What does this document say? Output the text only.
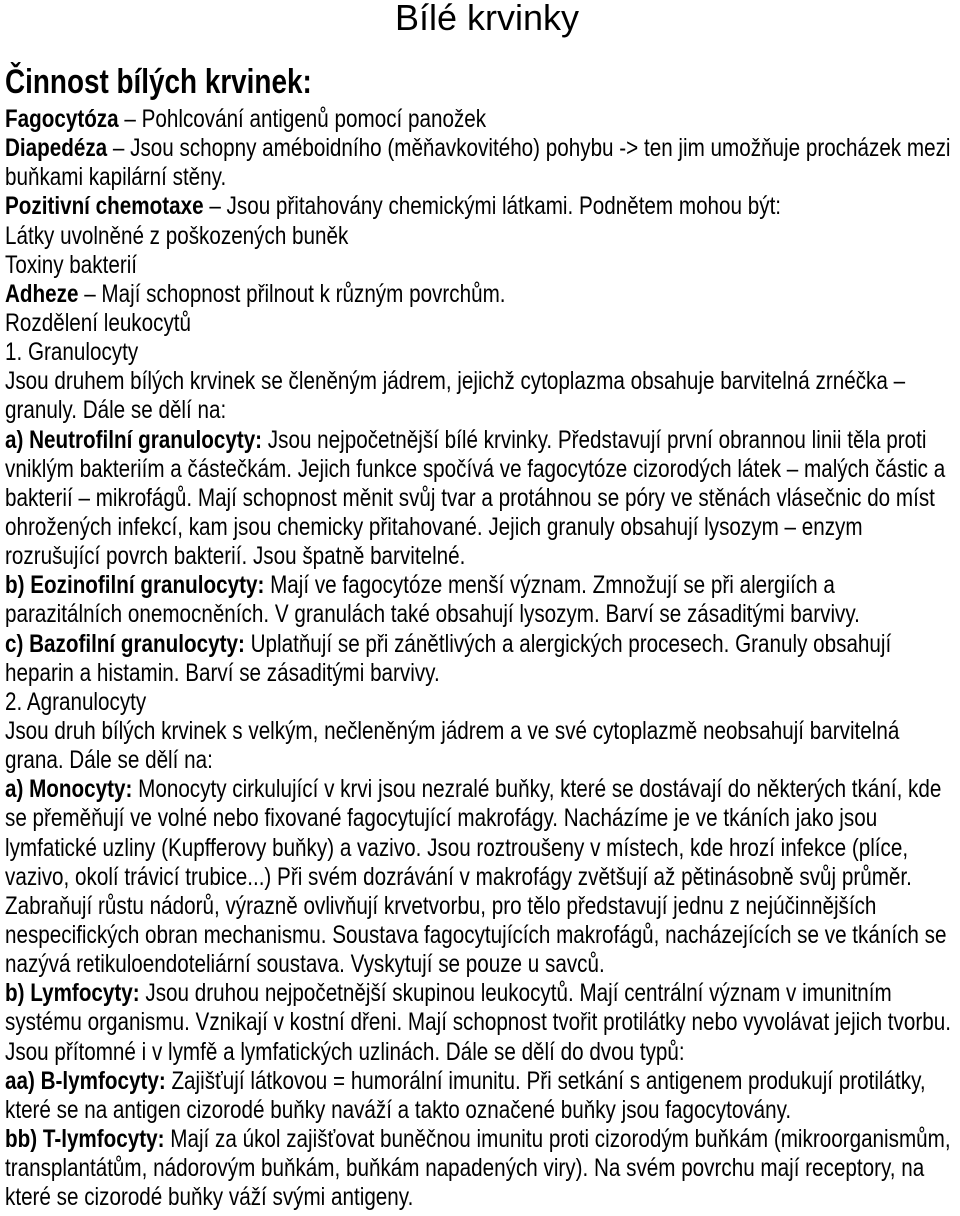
Bílé krvinky
Činnost bílých krvinek:
Fagocytóza – Pohlcování antigenů pomocí panožek
Diapedéza – Jsou schopny améboidního (měňavkovitého) pohybu -> ten jim umožňuje procházek mezi
buňkami kapilární stěny.
Pozitivní chemotaxe – Jsou přitahovány chemickými látkami. Podnětem mohou být:
Látky uvolněné z poškozených buněk
Toxiny bakterií
Adheze – Mají schopnost přilnout k různým povrchům.
Rozdělení leukocytů
1. Granulocyty
Jsou druhem bílých krvinek se členěným jádrem, jejichž cytoplazma obsahuje barvitelná zrnéčka –
granuly. Dále se dělí na:
a) Neutrofilní granulocyty: Jsou nejpočetnější bílé krvinky. Představují první obrannou linii těla proti
vniklým bakteriím a částečkám. Jejich funkce spočívá ve fagocytóze cizorodých látek – malých částic a
bakterií – mikrofágů. Mají schopnost měnit svůj tvar a protáhnou se póry ve stěnách vlásečnic do míst
ohrožených infekcí, kam jsou chemicky přitahované. Jejich granuly obsahují lysozym – enzym
rozrušující povrch bakterií. Jsou špatně barvitelné.
b) Eozinofilní granulocyty: Mají ve fagocytóze menší význam. Zmnožují se při alergiích a
parazitálních onemocněních. V granulách také obsahují lysozym. Barví se zásaditými barvivy.
c) Bazofilní granulocyty: Uplatňují se při zánětlivých a alergických procesech. Granuly obsahují
heparin a histamin. Barví se zásaditými barvivy.
2. Agranulocyty
Jsou druh bílých krvinek s velkým, nečleněným jádrem a ve své cytoplazmě neobsahují barvitelná
grana. Dále se dělí na:
a) Monocyty: Monocyty cirkulující v krvi jsou nezralé buňky, které se dostávají do některých tkání, kde
se přeměňují ve volné nebo fixované fagocytující makrofágy. Nacházíme je ve tkáních jako jsou
lymfatické uzliny (Kupfferovy buňky) a vazivo. Jsou roztroušeny v místech, kde hrozí infekce (plíce,
vazivo, okolí trávicí trubice...) Při svém dozrávání v makrofágy zvětšují až pětinásobně svůj průměr.
Zabraňují růstu nádorů, výrazně ovlivňují krvetvorbu, pro tělo představují jednu z nejúčinnějších
nespecifických obran mechanismu. Soustava fagocytujících makrofágů, nacházejících se ve tkáních se
nazývá retikuloendoteliární soustava. Vyskytují se pouze u savců.
b) Lymfocyty: Jsou druhou nejpočetnější skupinou leukocytů. Mají centrální význam v imunitním
systému organismu. Vznikají v kostní dřeni. Mají schopnost tvořit protilátky nebo vyvolávat jejich tvorbu.
Jsou přítomné i v lymfě a lymfatických uzlinách. Dále se dělí do dvou typů:
aa) B-lymfocyty: Zajišťují látkovou = humorální imunitu. Při setkání s antigenem produkují protilátky,
které se na antigen cizorodé buňky naváží a takto označené buňky jsou fagocytovány.
bb) T-lymfocyty: Mají za úkol zajišťovat buněčnou imunitu proti cizorodým buňkám (mikroorganismům,
transplantátům, nádorovým buňkám, buňkám napadených viry). Na svém povrchu mají receptory, na
které se cizorodé buňky váží svými antigeny.
